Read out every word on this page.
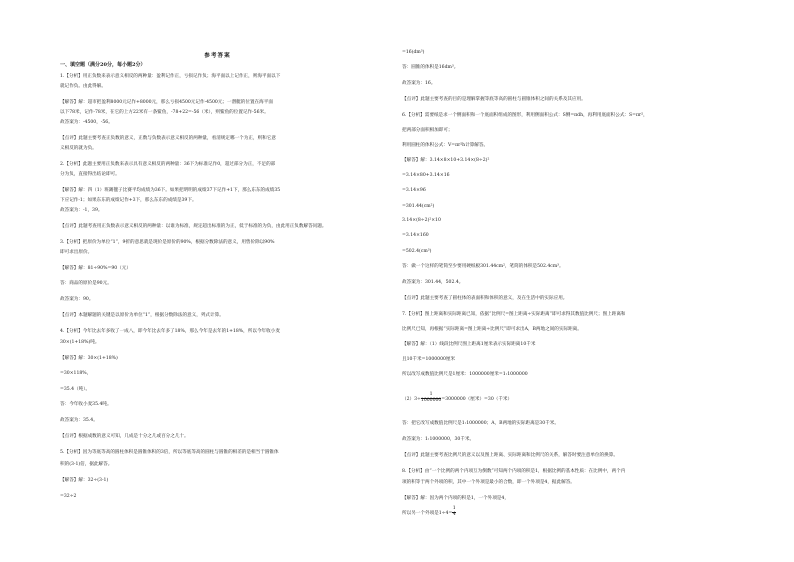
参考答案
一、填空题（满分20分，每小题2分）
1.【分析】用正负数来表示意义相反的两种量：盈利记作正，亏损记作负；海平面以上记作正，则海平面以下
就记作负。由此得解。
【解答】解：超市把盈利8000元记作+8000元，那么亏损4500元记作-4500元；一潜艇的位置在海平面
以下78米，记作-78米，在它的上方22米有一条鲨鱼，-78+22=-56（米），则鲨鱼的位置记作-56米。
故答案为：-4500，-56。
【点评】此题主要考查正负数的意义，正数与负数表示意义相反的两种量，看清规定哪一个为正，则和它意
义相反的就为负。
2.【分析】此题主要用正负数来表示具有意义相反的两种量：36下为标准记作0，超过部分为正，不足的部
分为负，直接得出结论即可。
【解答】解：四（1）班踢毽子比赛平均成绩为36下。如果把明明的成绩37下记作+1下，那么东东的成绩35
下应记作-1；如果东东的成绩记作+3下，那么东东的成绩是39下。
故答案为：-1，39。
【点评】此题考查用正负数表示意义相反的两种量：以谁为标准，规定超出标准的为正，低于标准的为负，由此用正负数解答问题。
3.【分析】把原价为单位“1”，9折的意思就是现价是原价的90%，根据分数除法的意义，用售价除以90%
即可求出原价。
【解答】解：81÷90%=90（元）
答：商品的原价是90元。
故答案为：90。
【点评】本题解题的关键是以原价为单位“1”，根据分数除法的意义，列式计算。
4.【分析】今年比去年多收了一成八，即今年比去年多了18%，那么今年是去年的1+18%，所以今年收小麦
30×(1+18%)吨。
【解答】解：30×(1+18%)
=30×118%，
=35.4（吨）。
答：今年收小麦35.4吨。
故答案为：35.4。
【点评】根据成数的意义可知，几成是十分之几或百分之几十。
5.【分析】因为等底等高的圆柱体积是圆锥体积的3倍，所以等底等高的圆柱与圆锥的相差的是相当于圆锥体
积的(3-1)倍，据此解答。
【解答】解：32÷(3-1)
=32÷2
=16(dm³)
答：圆锥的体积是16dm³。
故答案为：16。
【点评】此题主要考查的目的是理解掌握等底等高的圆柱与圆锥体积之间的关系及其应用。
6.【分析】需要纸是求一个侧面积和一个底面积组成的图形，利用侧面积公式：S侧=πdh，再利用底面积公式：S=πr²，
把两部分面积相加即可；
利用圆柱的体积公式：V=πr²h计算解答。
【解答】解：3.14×8×10+3.14×(8÷2)²
=3.14×80+3.14×16
=3.14×96
=301.44(cm²)
3.14×(8÷2)²×10
=3.14×160
=502.4(cm³)
答：做一个这样的笔筒至少要用硬纸板301.44cm²，笔筒的体积是502.4cm³。
故答案为：301.44，502.4。
【点评】此题主要考查了圆柱体的表面积和体积的意义，及在生活中的实际应用。
7.【分析】图上距离和实际距离已知，依据“比例尺=图上距离÷实际距离”即可求得其数值比例尺；图上距离和
比例尺已知，再根据“实际距离=图上距离÷比例尺”即可求出A，B两地之间的实际距离。
【解答】解：（1）线段比例尺图上距离1厘米表示实际距离10千米
且10千米=1000000厘米
所以改写成数值比例尺是1厘米：1000000厘米=1:1000000
答：把它改写成数值比例尺是1:1000000；A，B两地的实际距离是30千米。
故答案为：1:1000000，30千米。
【点评】此题主要考查比例尺的意义以及图上距离、实际距离和比例尺的关系，解答时要注意单位的换算。
8.【分析】由“一个比例的两个内项互为倒数”可知两个内项的积是1，根据比例的基本性质：在比例中，两个内
项的积等于两个外项的积，其中一个外项是最小的合数，即一个外项是4，据此解答。
【解答】解：因为两个内项的积是1，一个外项是4，
$(2)3\div \frac{1}{1000000} =3000000$（厘米）=30（千米）
所以另一个外项是$1\div 4= \frac{1}{4}$
